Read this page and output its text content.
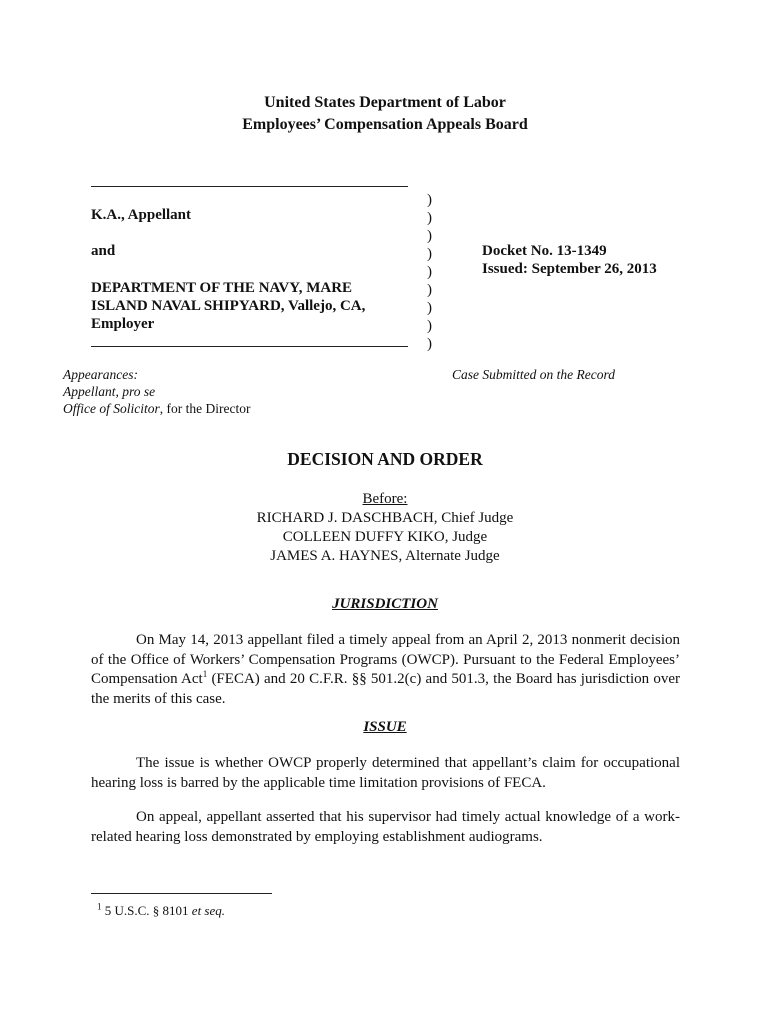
United States Department of Labor
Employees’ Compensation Appeals Board
)
)
)
)
)
)
)
)
)
K.A., Appellant
and
DEPARTMENT OF THE NAVY, MARE
ISLAND NAVAL SHIPYARD, Vallejo, CA,
Employer
Docket No. 13-1349
Issued: September 26, 2013
Case Submitted on the Record
Appearances:
Appellant, pro se
Office of Solicitor, for the Director
DECISION AND ORDER
Before:
RICHARD J. DASCHBACH, Chief Judge
COLLEEN DUFFY KIKO, Judge
JAMES A. HAYNES, Alternate Judge
JURISDICTION
On May 14, 2013 appellant filed a timely appeal from an April 2, 2013 nonmerit decision of the Office of Workers’ Compensation Programs (OWCP). Pursuant to the Federal Employees’ Compensation Act$^1$ (FECA) and 20 C.F.R. §§ 501.2(c) and 501.3, the Board has jurisdiction over the merits of this case.
ISSUE
The issue is whether OWCP properly determined that appellant’s claim for occupational hearing loss is barred by the applicable time limitation provisions of FECA.
On appeal, appellant asserted that his supervisor had timely actual knowledge of a work-related hearing loss demonstrated by employing establishment audiograms.
$^1$ 5 U.S.C. § 8101 et seq.
